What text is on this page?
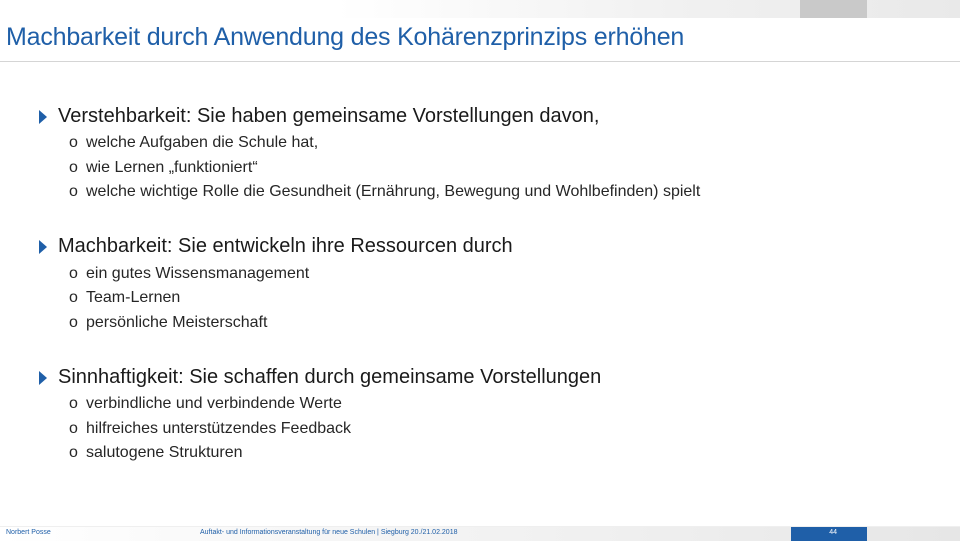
Machbarkeit durch Anwendung des Kohärenzprinzips erhöhen
Verstehbarkeit: Sie haben gemeinsame Vorstellungen davon,
o welche Aufgaben die Schule hat,
o wie Lernen „funktioniert“
o welche wichtige Rolle die Gesundheit (Ernährung, Bewegung und Wohlbefinden) spielt
Machbarkeit: Sie entwickeln ihre Ressourcen durch
o ein gutes Wissensmanagement
o Team-Lernen
o persönliche Meisterschaft
Sinnhaftigkeit: Sie schaffen durch gemeinsame Vorstellungen
o verbindliche und verbindende Werte
o hilfreiches unterstützendes Feedback
o salutogene Strukturen
Norbert Posse	Auftakt- und Informationsveranstaltung für neue Schulen | Siegburg 20./21.02.2018	44
